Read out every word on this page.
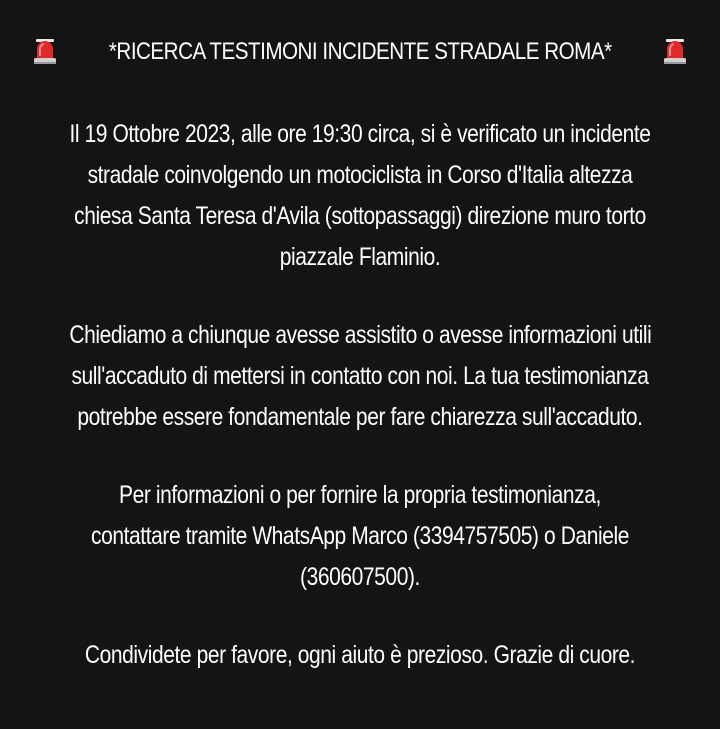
*RICERCA TESTIMONI INCIDENTE STRADALE ROMA*

Il 19 Ottobre 2023, alle ore 19:30 circa, si è verificato un incidente
stradale coinvolgendo un motociclista in Corso d'Italia altezza
chiesa Santa Teresa d'Avila (sottopassaggi) direzione muro torto
piazzale Flaminio.

Chiediamo a chiunque avesse assistito o avesse informazioni utili
sull'accaduto di mettersi in contatto con noi. La tua testimonianza
potrebbe essere fondamentale per fare chiarezza sull'accaduto.

Per informazioni o per fornire la propria testimonianza,
contattare tramite WhatsApp Marco (3394757505) o Daniele
(360607500).

Condividete per favore, ogni aiuto è prezioso. Grazie di cuore.
